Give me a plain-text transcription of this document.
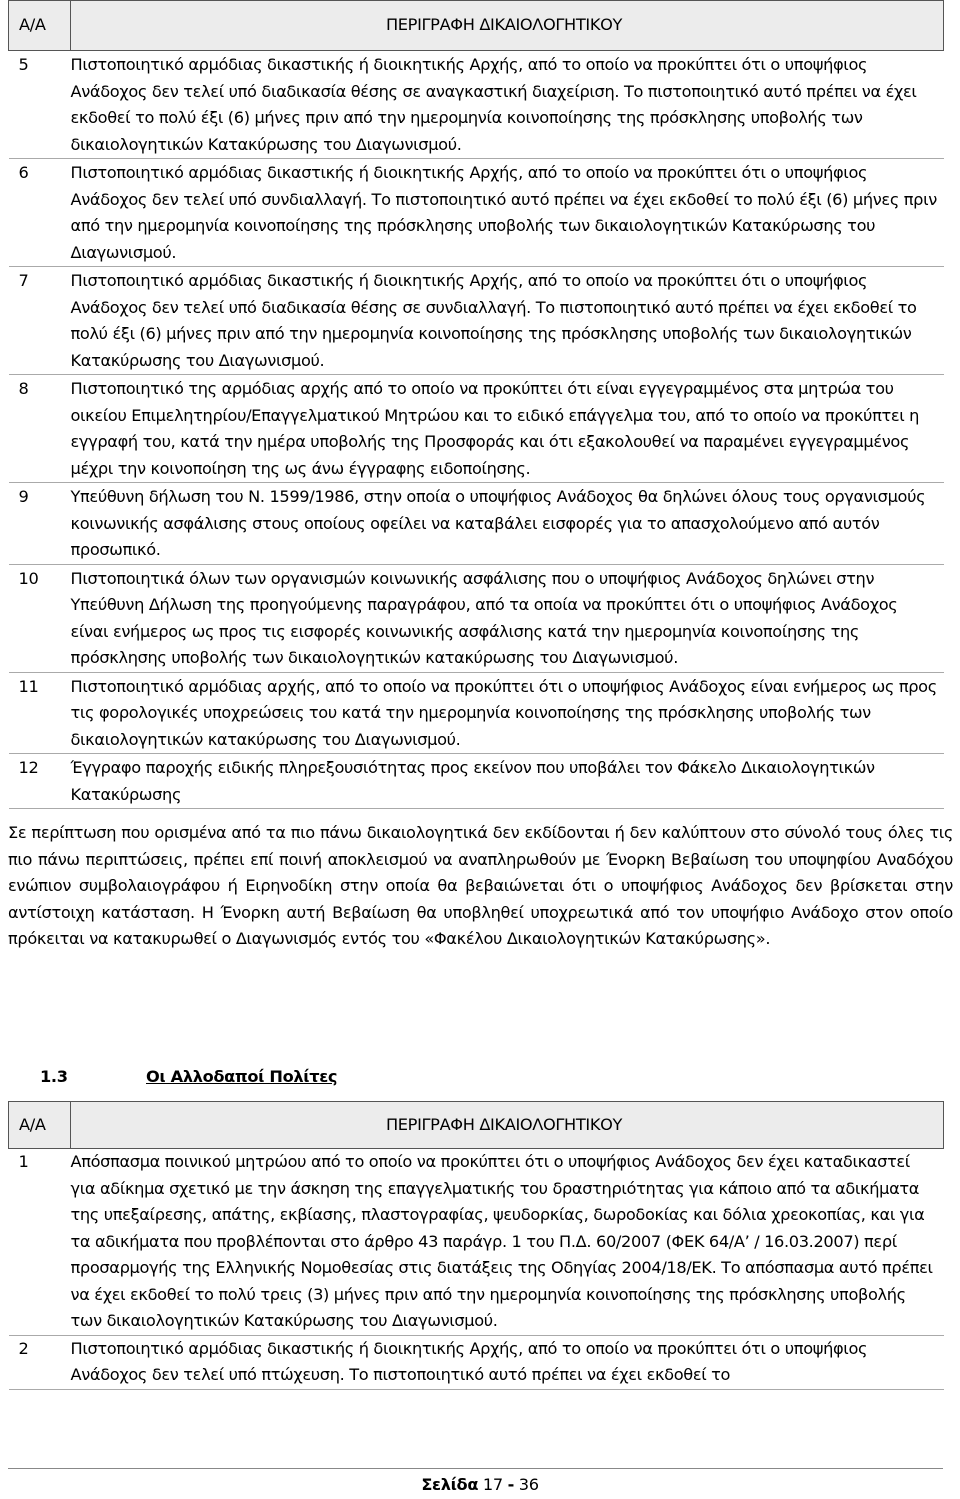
Α/Α	ΠΕΡΙΓΡΑΦΗ ΔΙΚΑΙΟΛΟΓΗΤΙΚΟΥ
5	Πιστοποιητικό αρμόδιας δικαστικής ή διοικητικής Αρχής, από το οποίο να προκύπτει ότι ο υποψήφιος Ανάδοχος δεν τελεί υπό διαδικασία θέσης σε αναγκαστική διαχείριση. Το πιστοποιητικό αυτό πρέπει να έχει εκδοθεί το πολύ έξι (6) μήνες πριν από την ημερομηνία κοινοποίησης της πρόσκλησης υποβολής των δικαιολογητικών Κατακύρωσης του Διαγωνισμού.
6	Πιστοποιητικό αρμόδιας δικαστικής ή διοικητικής Αρχής, από το οποίο να προκύπτει ότι ο υποψήφιος Ανάδοχος δεν τελεί υπό συνδιαλλαγή. Το πιστοποιητικό αυτό πρέπει να έχει εκδοθεί το πολύ έξι (6) μήνες πριν από την ημερομηνία κοινοποίησης της πρόσκλησης υποβολής των δικαιολογητικών Κατακύρωσης του Διαγωνισμού.
7	Πιστοποιητικό αρμόδιας δικαστικής ή διοικητικής Αρχής, από το οποίο να προκύπτει ότι ο υποψήφιος Ανάδοχος δεν τελεί υπό διαδικασία θέσης σε συνδιαλλαγή. Το πιστοποιητικό αυτό πρέπει να έχει εκδοθεί το πολύ έξι (6) μήνες πριν από την ημερομηνία κοινοποίησης της πρόσκλησης υποβολής των δικαιολογητικών Κατακύρωσης του Διαγωνισμού.
8	Πιστοποιητικό της αρμόδιας αρχής από το οποίο να προκύπτει ότι είναι εγγεγραμμένος στα μητρώα του οικείου Επιμελητηρίου/Επαγγελματικού Μητρώου και το ειδικό επάγγελμα του, από το οποίο να προκύπτει η εγγραφή του, κατά την ημέρα υποβολής της Προσφοράς και ότι εξακολουθεί να παραμένει εγγεγραμμένος μέχρι την κοινοποίηση της ως άνω έγγραφης ειδοποίησης.
9	Υπεύθυνη δήλωση του Ν. 1599/1986, στην οποία ο υποψήφιος Ανάδοχος θα δηλώνει όλους τους οργανισμούς κοινωνικής ασφάλισης στους οποίους οφείλει να καταβάλει εισφορές για το απασχολούμενο από αυτόν προσωπικό.
10	Πιστοποιητικά όλων των οργανισμών κοινωνικής ασφάλισης που ο υποψήφιος Ανάδοχος δηλώνει στην Υπεύθυνη Δήλωση της προηγούμενης παραγράφου, από τα οποία να προκύπτει ότι ο υποψήφιος Ανάδοχος είναι ενήμερος ως προς τις εισφορές κοινωνικής ασφάλισης κατά την ημερομηνία κοινοποίησης της πρόσκλησης υποβολής των δικαιολογητικών κατακύρωσης του Διαγωνισμού.
11	Πιστοποιητικό αρμόδιας αρχής, από το οποίο να προκύπτει ότι ο υποψήφιος Ανάδοχος είναι ενήμερος ως προς τις φορολογικές υποχρεώσεις του κατά την ημερομηνία κοινοποίησης της πρόσκλησης υποβολής των δικαιολογητικών κατακύρωσης του Διαγωνισμού.
12	Έγγραφο παροχής ειδικής πληρεξουσιότητας προς εκείνον που υποβάλει τον Φάκελο Δικαιολογητικών Κατακύρωσης

Σε περίπτωση που ορισμένα από τα πιο πάνω δικαιολογητικά δεν εκδίδονται ή δεν καλύπτουν στο σύνολό τους όλες τις πιο πάνω περιπτώσεις, πρέπει επί ποινή αποκλεισμού να αναπληρωθούν με Ένορκη Βεβαίωση του υποψηφίου Αναδόχου ενώπιον συμβολαιογράφου ή Ειρηνοδίκη στην οποία θα βεβαιώνεται ότι ο υποψήφιος Ανάδοχος δεν βρίσκεται στην αντίστοιχη κατάσταση. Η Ένορκη αυτή Βεβαίωση θα υποβληθεί υποχρεωτικά από τον υποψήφιο Ανάδοχο στον οποίο πρόκειται να κατακυρωθεί ο Διαγωνισμός εντός του «Φακέλου Δικαιολογητικών Κατακύρωσης».

1.3	Οι Αλλοδαποί Πολίτες
Α/Α	ΠΕΡΙΓΡΑΦΗ ΔΙΚΑΙΟΛΟΓΗΤΙΚΟΥ
1	Απόσπασμα ποινικού μητρώου από το οποίο να προκύπτει ότι ο υποψήφιος Ανάδοχος δεν έχει καταδικαστεί για αδίκημα σχετικό με την άσκηση της επαγγελματικής του δραστηριότητας για κάποιο από τα αδικήματα της υπεξαίρεσης, απάτης, εκβίασης, πλαστογραφίας, ψευδορκίας, δωροδοκίας και δόλια χρεοκοπίας, και για τα αδικήματα που προβλέπονται στο άρθρο 43 παράγρ. 1 του Π.Δ. 60/2007 (ΦΕΚ 64/Α’ / 16.03.2007) περί προσαρμογής της Ελληνικής Νομοθεσίας στις διατάξεις της Οδηγίας 2004/18/ΕΚ. Το απόσπασμα αυτό πρέπει να έχει εκδοθεί το πολύ τρεις (3) μήνες πριν από την ημερομηνία κοινοποίησης της πρόσκλησης υποβολής των δικαιολογητικών Κατακύρωσης του Διαγωνισμού.
2	Πιστοποιητικό αρμόδιας δικαστικής ή διοικητικής Αρχής, από το οποίο να προκύπτει ότι ο υποψήφιος Ανάδοχος δεν τελεί υπό πτώχευση. Το πιστοποιητικό αυτό πρέπει να έχει εκδοθεί το
Σελίδα 17 - 36
